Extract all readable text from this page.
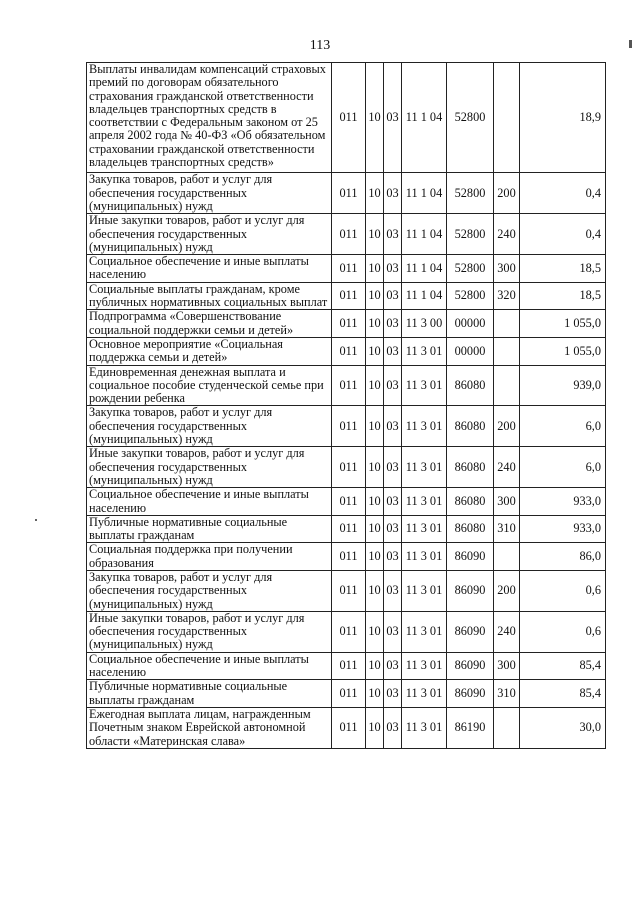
113
Выплаты инвалидам компенсаций страховых премий по договорам обязательного страхования гражданской ответственности владельцев транспортных средств в соответствии с Федеральным законом от 25 апреля 2002 года № 40-ФЗ «Об обязательном страховании гражданской ответственности владельцев транспортных средств»	011	10	03	11 1 04	52800		18,9
Закупка товаров, работ и услуг для обеспечения государственных (муниципальных) нужд	011	10	03	11 1 04	52800	200	0,4
Иные закупки товаров, работ и услуг для обеспечения государственных (муниципальных) нужд	011	10	03	11 1 04	52800	240	0,4
Социальное обеспечение и иные выплаты населению	011	10	03	11 1 04	52800	300	18,5
Социальные выплаты гражданам, кроме публичных нормативных социальных выплат	011	10	03	11 1 04	52800	320	18,5
Подпрограмма «Совершенствование социальной поддержки семьи и детей»	011	10	03	11 3 00	00000		1 055,0
Основное мероприятие «Социальная поддержка семьи и детей»	011	10	03	11 3 01	00000		1 055,0
Единовременная денежная выплата и социальное пособие студенческой семье при рождении ребенка	011	10	03	11 3 01	86080		939,0
Закупка товаров, работ и услуг для обеспечения государственных (муниципальных) нужд	011	10	03	11 3 01	86080	200	6,0
Иные закупки товаров, работ и услуг для обеспечения государственных (муниципальных) нужд	011	10	03	11 3 01	86080	240	6,0
Социальное обеспечение и иные выплаты населению	011	10	03	11 3 01	86080	300	933,0
Публичные нормативные социальные выплаты гражданам	011	10	03	11 3 01	86080	310	933,0
Социальная поддержка при получении образования	011	10	03	11 3 01	86090		86,0
Закупка товаров, работ и услуг для обеспечения государственных (муниципальных) нужд	011	10	03	11 3 01	86090	200	0,6
Иные закупки товаров, работ и услуг для обеспечения государственных (муниципальных) нужд	011	10	03	11 3 01	86090	240	0,6
Социальное обеспечение и иные выплаты населению	011	10	03	11 3 01	86090	300	85,4
Публичные нормативные социальные выплаты гражданам	011	10	03	11 3 01	86090	310	85,4
Ежегодная выплата лицам, награжденным Почетным знаком Еврейской автономной области «Материнская слава»	011	10	03	11 3 01	86190		30,0
